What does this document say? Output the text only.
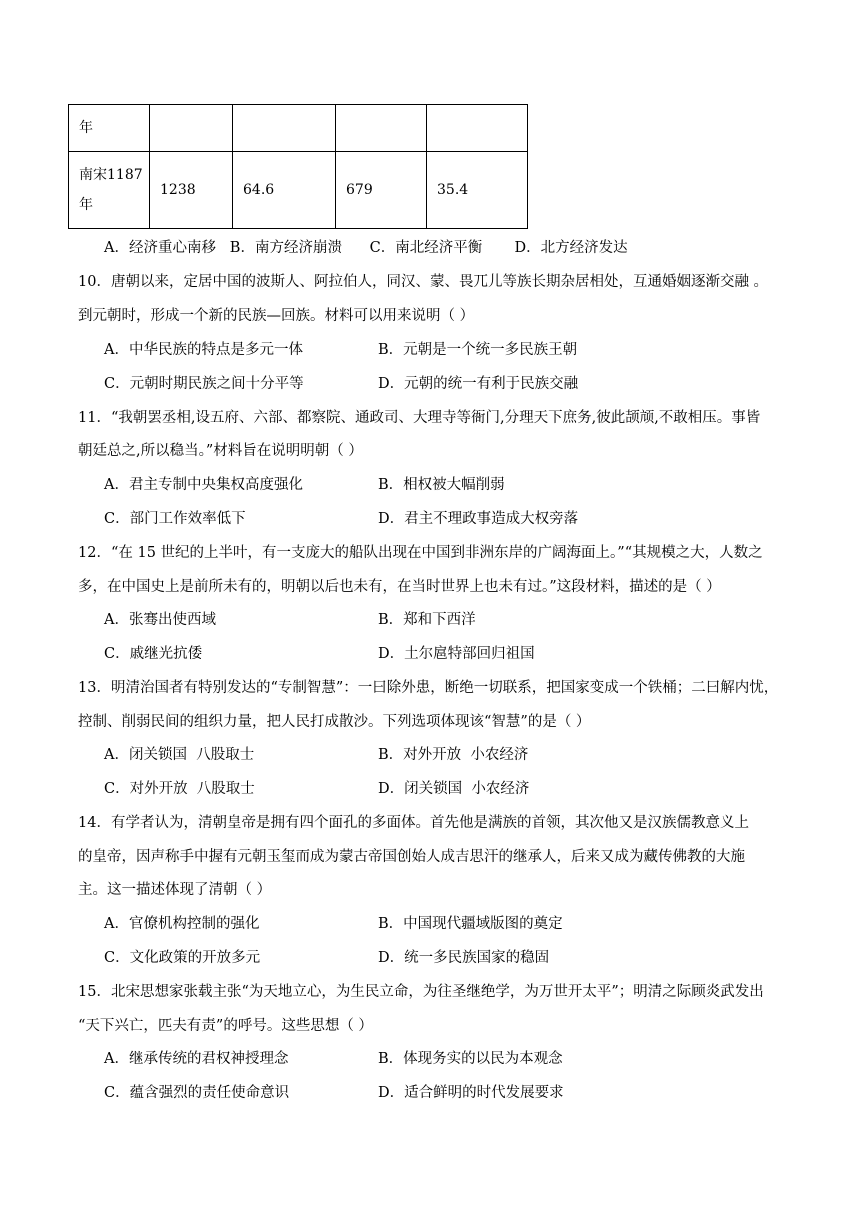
年				
南宋1187年	1238	64.6	679	35.4
A．经济重心南移   B．南方经济崩溃      C．南北经济平衡       D．北方经济发达
10．唐朝以来，定居中国的波斯人、阿拉伯人，同汉、蒙、畏兀儿等族长期杂居相处，互通婚姻逐渐交融 。
到元朝时，形成一个新的民族—回族。材料可以用来说明（ ）
A．中华民族的特点是多元一体	B．元朝是一个统一多民族王朝
C．元朝时期民族之间十分平等	D．元朝的统一有利于民族交融
11．“我朝罢丞相,设五府、六部、都察院、通政司、大理寺等衙门,分理天下庶务,彼此颉颃,不敢相压。事皆
朝廷总之,所以稳当。”材料旨在说明明朝（ ）
A．君主专制中央集权高度强化	B．相权被大幅削弱
C．部门工作效率低下	D．君主不理政事造成大权旁落
12．“在 15 世纪的上半叶，有一支庞大的船队出现在中国到非洲东岸的广阔海面上。”“其规模之大，人数之
多，在中国史上是前所未有的，明朝以后也未有，在当时世界上也未有过。”这段材料，描述的是（ ）
A．张骞出使西域	B．郑和下西洋
C．戚继光抗倭	D．土尔扈特部回归祖国
13．明清治国者有特别发达的“专制智慧”：一曰除外患，断绝一切联系，把国家变成一个铁桶；二曰解内忧，
控制、削弱民间的组织力量，把人民打成散沙。下列选项体现该“智慧”的是（ ）
A．闭关锁国  八股取士	B．对外开放  小农经济
C．对外开放  八股取士	D．闭关锁国  小农经济
14．有学者认为，清朝皇帝是拥有四个面孔的多面体。首先他是满族的首领，其次他又是汉族儒教意义上
的皇帝，因声称手中握有元朝玉玺而成为蒙古帝国创始人成吉思汗的继承人，后来又成为藏传佛教的大施
主。这一描述体现了清朝（ ）
A．官僚机构控制的强化	B．中国现代疆域版图的奠定
C．文化政策的开放多元	D．统一多民族国家的稳固
15．北宋思想家张载主张“为天地立心，为生民立命，为往圣继绝学，为万世开太平”；明清之际顾炎武发出
“天下兴亡，匹夫有责”的呼号。这些思想（ ）
A．继承传统的君权神授理念	B．体现务实的以民为本观念
C．蕴含强烈的责任使命意识	D．适合鲜明的时代发展要求
